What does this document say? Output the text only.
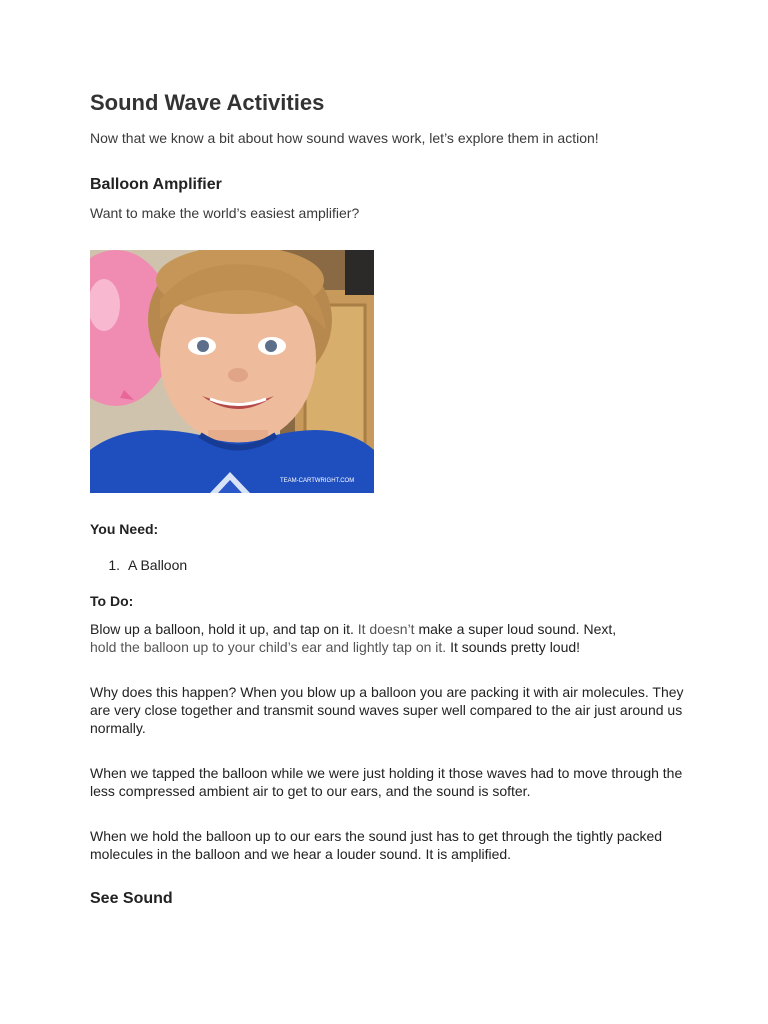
Sound Wave Activities

Now that we know a bit about how sound waves work, let’s explore them in action!

Balloon Amplifier

Want to make the world’s easiest amplifier?

TEAM-CARTWRIGHT.COM
You Need:
1. A Balloon
To Do:

Blow up a balloon, hold it up, and tap on it. It doesn’t make a super loud sound. Next,
hold the balloon up to your child’s ear and lightly tap on it. It sounds pretty loud!

Why does this happen? When you blow up a balloon you are packing it with air molecules. They are very close together and transmit sound waves super well compared to the air just around us normally.

When we tapped the balloon while we were just holding it those waves had to move through the less compressed ambient air to get to our ears, and the sound is softer.

When we hold the balloon up to our ears the sound just has to get through the tightly packed molecules in the balloon and we hear a louder sound. It is amplified.

See Sound
